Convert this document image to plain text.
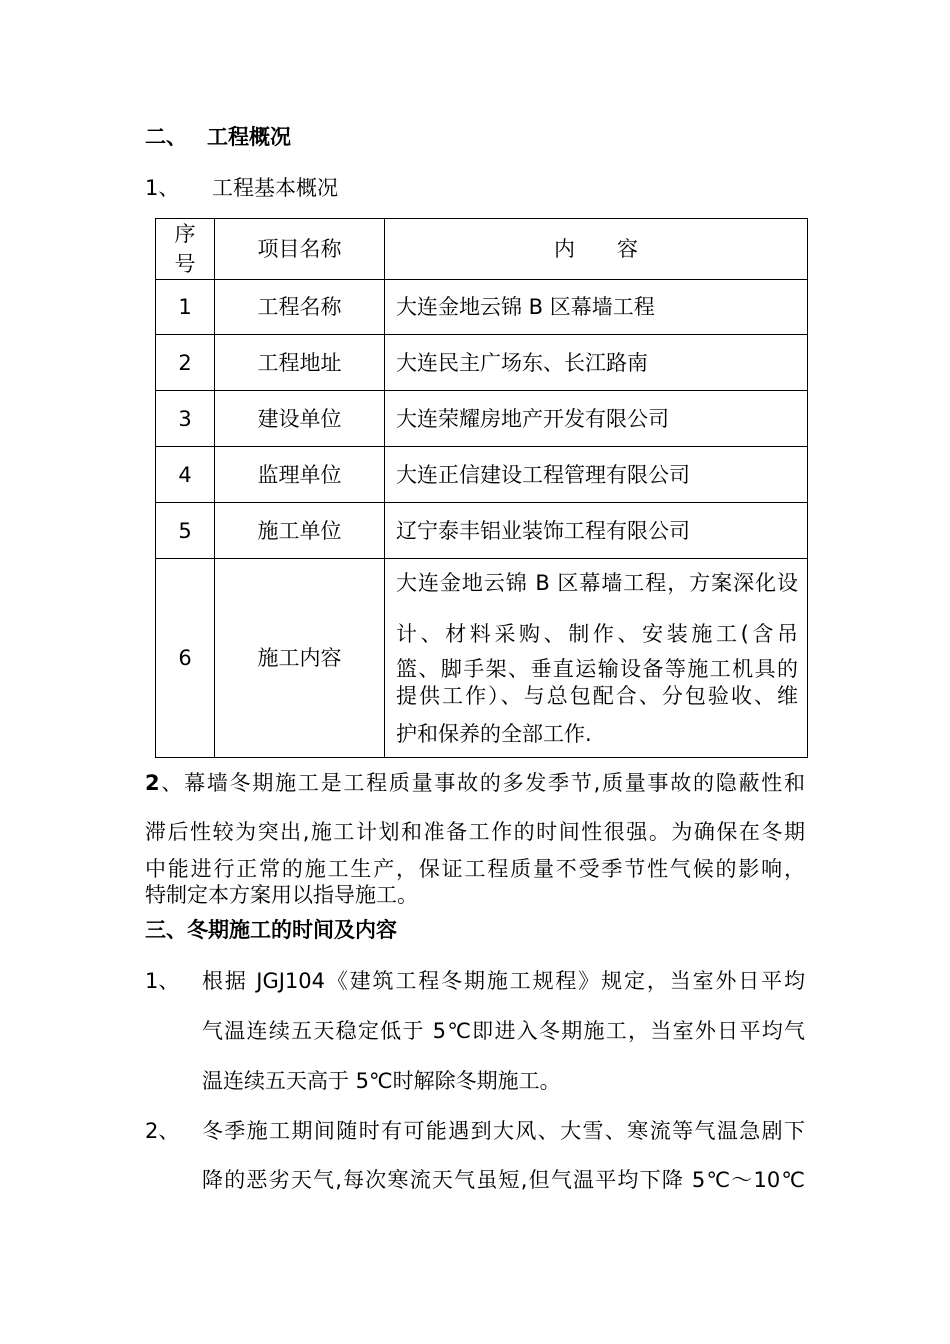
二、 工程概况
1、 工程基本概况
序
号	项目名称	内　　容
1	工程名称	大连金地云锦 B 区幕墙工程
2	工程地址	大连民主广场东、长江路南
3	建设单位	大连荣耀房地产开发有限公司
4	监理单位	大连正信建设工程管理有限公司
5	施工单位	辽宁泰丰铝业装饰工程有限公司
6	施工内容	大连金地云锦 B 区幕墙工程，方案深化设
计、材料采购、制作、安装施工(含吊
篮、脚手架、垂直运输设备等施工机具的
提供工作）、与总包配合、分包验收、维
护和保养的全部工作.
2、幕墙冬期施工是工程质量事故的多发季节,质量事故的隐蔽性和
滞后性较为突出,施工计划和准备工作的时间性很强。为确保在冬期
中能进行正常的施工生产，保证工程质量不受季节性气候的影响，
特制定本方案用以指导施工。
三、冬期施工的时间及内容
1、 根据 JGJ104《建筑工程冬期施工规程》规定，当室外日平均
气温连续五天稳定低于 5℃即进入冬期施工，当室外日平均气
温连续五天高于 5℃时解除冬期施工。
2、 冬季施工期间随时有可能遇到大风、大雪、寒流等气温急剧下
降的恶劣天气,每次寒流天气虽短,但气温平均下降 5℃～10℃
